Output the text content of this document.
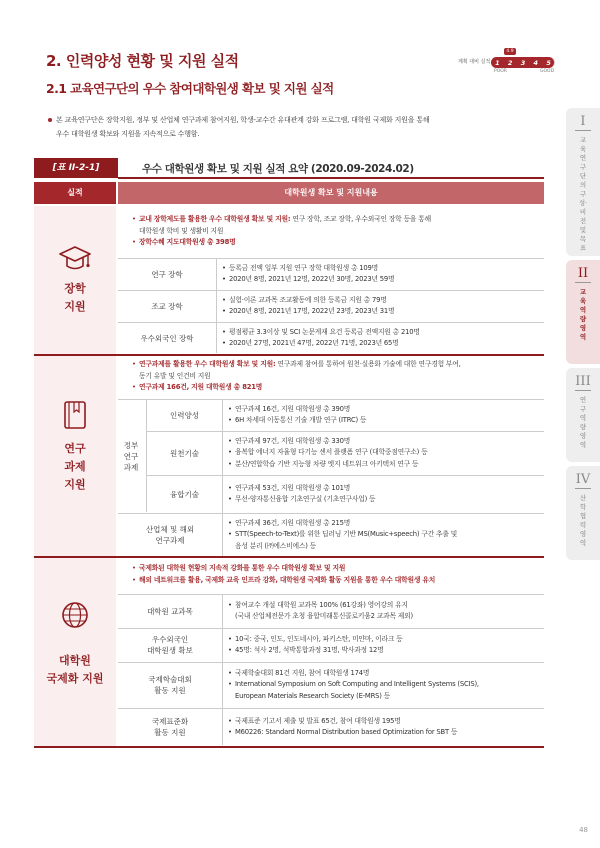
2. 인력양성 현황 및 지원 실적
2.1 교육연구단의 우수 참여대학원생 확보 및 지원 실적
계획 대비 실적 1 2 3 4 5
4.9
POOR	GOOD
본 교육연구단은 장학지원, 정부 및 산업체 연구과제 참여지원, 학생-교수간 유대관계 강화 프로그램, 대학원 국제화 지원을 통해
우수 대학원생 확보와 지원을 지속적으로 수행함.
[표 II-2-1]	우수 대학원생 확보 및 지원 실적 요약 (2020.09-2024.02)
실적	대학원생 확보 및 지원내용
장학
지원
• 교내 장학제도를 활용한 우수 대학원생 확보 및 지원: 연구 장학, 조교 장학, 우수외국인 장학 등을 통해
대학원생 학비 및 생활비 지원
• 장학수혜 지도대학원생 총 398명
연구 장학
• 등록금 전액 일부 지원 연구 장학 대학원생 총 109명
• 2020년 8명, 2021년 12명, 2022년 30명, 2023년 59명
조교 장학
• 실험·이론 교과목 조교활동에 의한 등록금 지원 총 79명
• 2020년 8명, 2021년 17명, 2022년 23명, 2023년 31명
우수외국인 장학
• 평점평균 3.3이상 및 SCI 논문게재 요건 등록금 전액지원 총 210명
• 2020년 27명, 2021년 47명, 2022년 71명, 2023년 65명
연구
과제
지원
• 연구과제를 활용한 우수 대학원생 확보 및 지원: 연구과제 참여를 통하여 원천·실용화 기술에 대한 연구경험 부여,
동기 유발 및 인건비 지원
• 연구과제 166건, 지원 대학원생 총 821명
정부
연구
과제
인력양성
• 연구과제 16건, 지원 대학원생 총 390명
• 6H 차세대 이동통신 기술 개발 연구 (ITRC) 등
원천기술
• 연구과제 97건, 지원 대학원생 총 330명
• 융복합 에너지 자율형 다기능 센서 플랫폼 연구 (대학중점연구소) 등
• 분산/연합학습 기반 지능형 차량 엣지 네트워크 아키텍처 연구 등
융합기술
• 연구과제 53건, 지원 대학원생 총 101명
• 무선-양자통신융합 기초연구실 (기초연구사업) 등
산업체 및 해외
연구과제
• 연구과제 36건, 지원 대학원생 총 215명
• STT(Speech-to-Text)를 위한 딥러닝 기반 MS(Music+speech) 구간 추출 및
음성 분리 (㈜에스비에스) 등
대학원
국제화 지원
• 국제화된 대학원 현황의 지속적 강화를 통한 우수 대학원생 확보 및 지원
• 해외 네트워크를 활용, 국제화 교육 인프라 강화, 대학원생 국제화 활동 지원을 통한 우수 대학원생 유치
대학원 교과목
• 참여교수 개설 대학원 교과목 100% (61강좌) 영어강의 유지
(국내 산업체전문가 초청 융합미래통신콜로키움2 교과목 제외)
우수외국인
대학원생 확보
• 10국: 중국, 인도, 인도네시아, 파키스탄, 미얀마, 이라크 등
• 45명: 석사 2명, 석박통합과정 31명, 박사과정 12명
국제학술대회
활동 지원
• 국제학술대회 81건 지원, 참여 대학원생 174명
• International Symposium on Soft Computing and Intelligent Systems (SCIS),
European Materials Research Society (E-MRS) 등
국제표준화
활동 지원
• 국제표준 기고서 제출 및 발표 65건, 참여 대학원생 195명
• M60226: Standard Normal Distribution based Optimization for SBT 등
I
교육연구단의 구성·비전 및 목표
II
교육역량 영역
III
연구역량 영역
IV
산학협력 영역
48
